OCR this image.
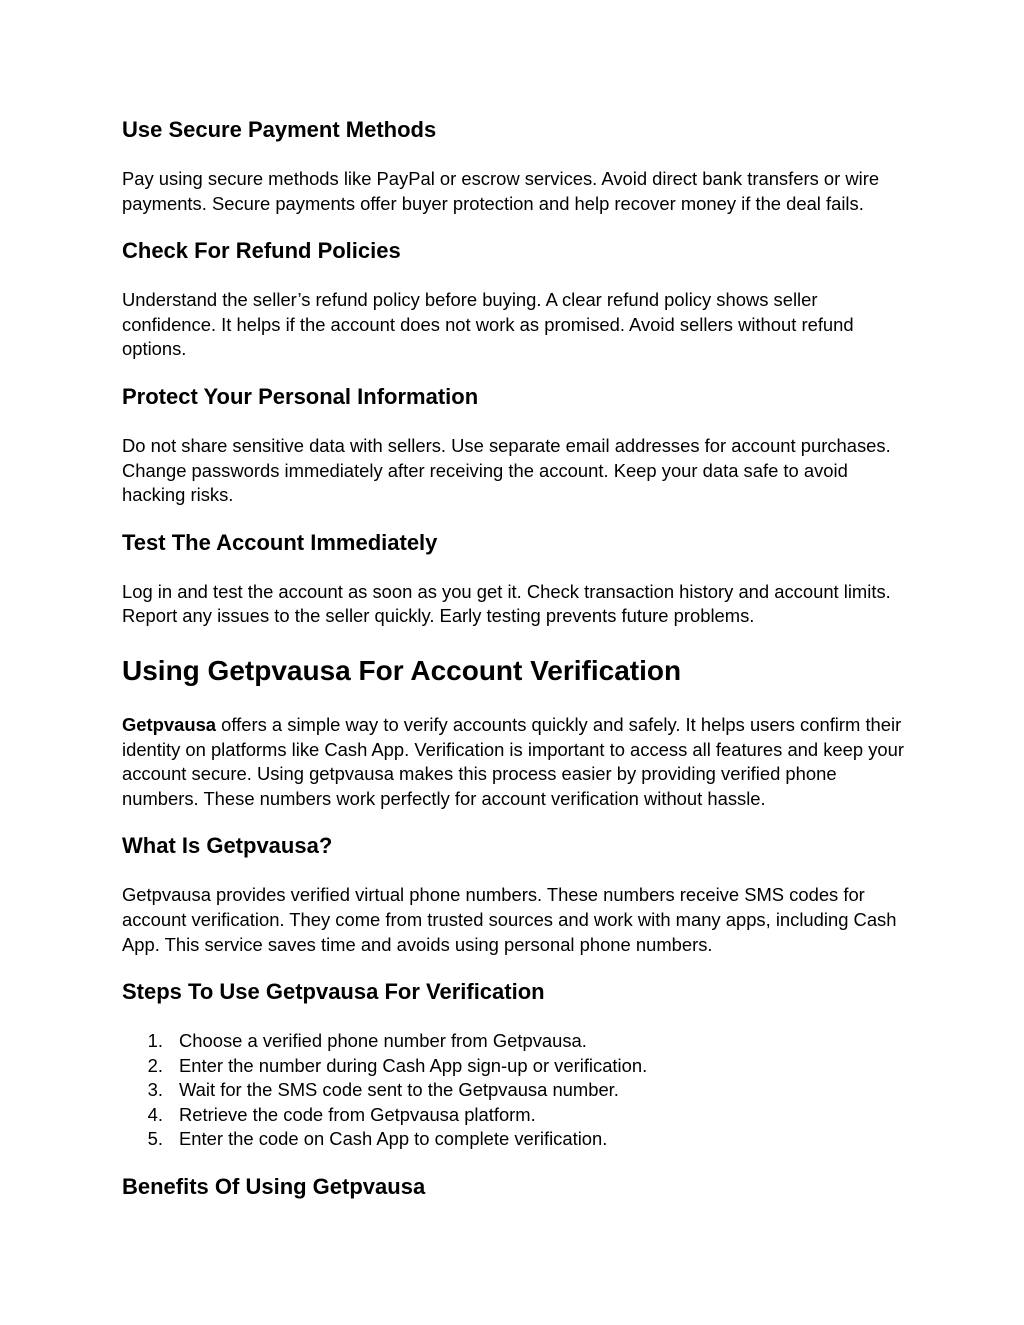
Use Secure Payment Methods

Pay using secure methods like PayPal or escrow services. Avoid direct bank transfers or wire payments. Secure payments offer buyer protection and help recover money if the deal fails.

Check For Refund Policies

Understand the seller’s refund policy before buying. A clear refund policy shows seller confidence. It helps if the account does not work as promised. Avoid sellers without refund options.

Protect Your Personal Information

Do not share sensitive data with sellers. Use separate email addresses for account purchases. Change passwords immediately after receiving the account. Keep your data safe to avoid hacking risks.

Test The Account Immediately

Log in and test the account as soon as you get it. Check transaction history and account limits. Report any issues to the seller quickly. Early testing prevents future problems.

Using Getpvausa For Account Verification

Getpvausa offers a simple way to verify accounts quickly and safely. It helps users confirm their identity on platforms like Cash App. Verification is important to access all features and keep your account secure. Using getpvausa makes this process easier by providing verified phone numbers. These numbers work perfectly for account verification without hassle.

What Is Getpvausa?

Getpvausa provides verified virtual phone numbers. These numbers receive SMS codes for account verification. They come from trusted sources and work with many apps, including Cash App. This service saves time and avoids using personal phone numbers.

Steps To Use Getpvausa For Verification
1. Choose a verified phone number from Getpvausa.
2. Enter the number during Cash App sign-up or verification.
3. Wait for the SMS code sent to the Getpvausa number.
4. Retrieve the code from Getpvausa platform.
5. Enter the code on Cash App to complete verification.
Benefits Of Using Getpvausa
